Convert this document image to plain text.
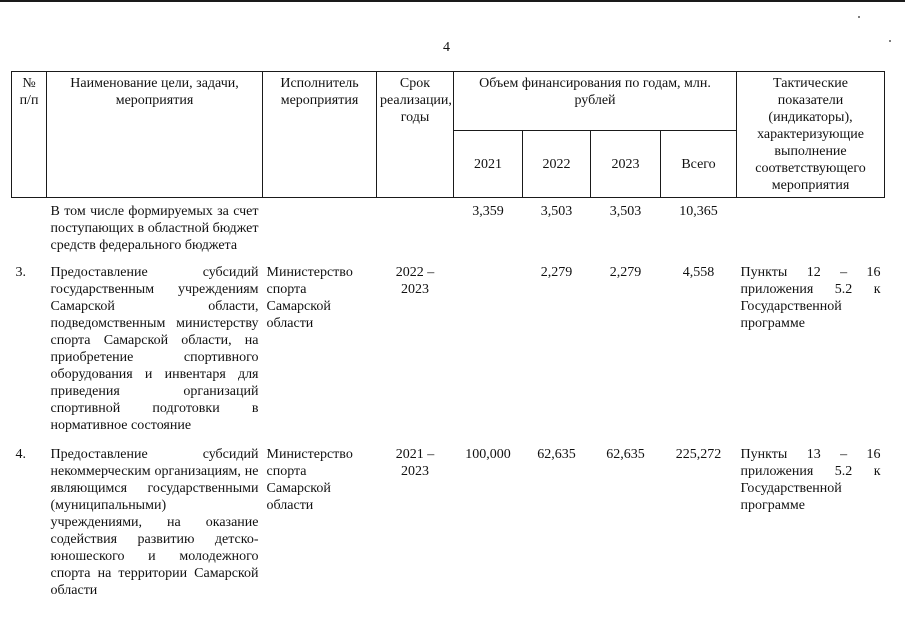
4
№ п/п	Наименование цели, задачи, мероприятия	Исполнитель мероприятия	Срок реализации, годы	Объем финансирования по годам, млн. рублей				Тактические показатели (индикаторы), характеризующие выполнение соответствующего мероприятия
				2021	2022	2023	Всего	
	В том числе формируемых за счет поступающих в областной бюджет средств федерального бюджета			3,359	3,503	3,503	10,365	
3.	Предоставление субсидий государственным учреждениям Самарской области, подведомственным министерству спорта Самарской области, на приобретение спортивного оборудования и инвентаря для приведения организаций спортивной подготовки в нормативное состояние	Министерство спорта Самарской области	2022 – 2023		2,279	2,279	4,558	Пункты 12 – 16 приложения 5.2 к Государственной программе
4.	Предоставление субсидий некоммерческим организациям, не являющимся государственными (муниципальными) учреждениями, на оказание содействия развитию детско-юношеского и молодежного спорта на территории Самарской области	Министерство спорта Самарской области	2021 – 2023	100,000	62,635	62,635	225,272	Пункты 13 – 16 приложения 5.2 к Государственной программе
